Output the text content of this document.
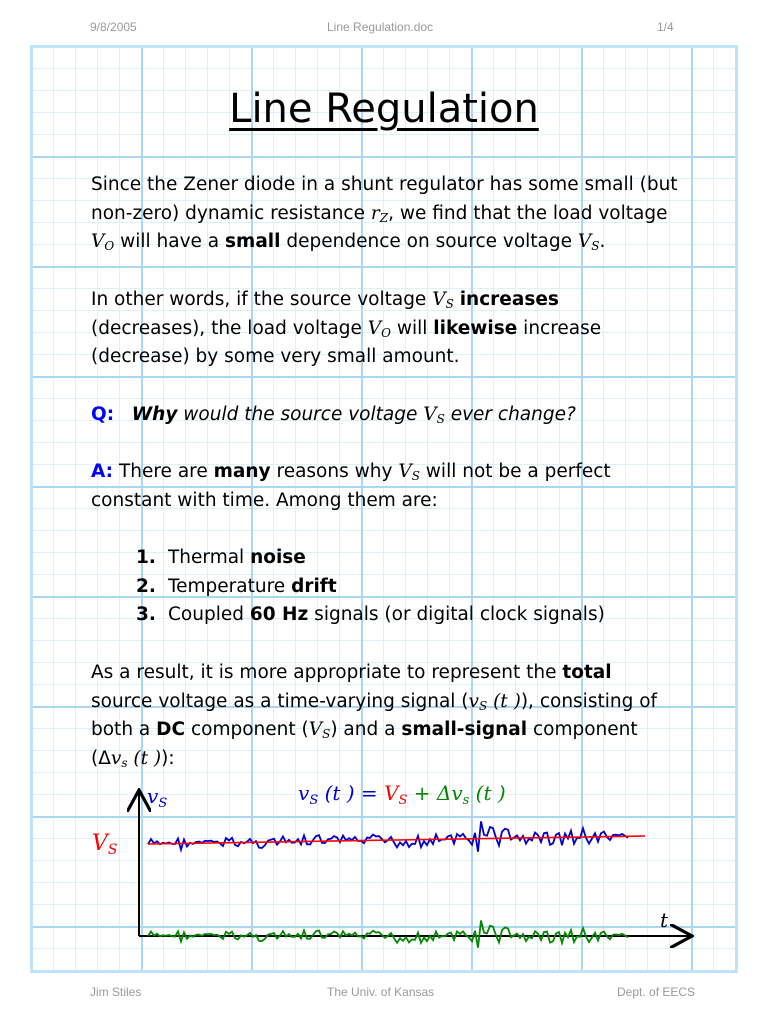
9/8/2005	Line Regulation.doc	1/4
Line Regulation
Since the Zener diode in a shunt regulator has some small (but
non-zero) dynamic resistance $r_Z$, we find that the load voltage
$V_O$ will have a small dependence on source voltage $V_S$.
In other words, if the source voltage $V_S$ increases
(decreases), the load voltage $V_O$ will likewise increase
(decrease) by some very small amount.
Q: Why would the source voltage $V_S$ ever change?
A: There are many reasons why $V_S$ will not be a perfect
constant with time. Among them are:
1. Thermal noise
2. Temperature drift
3. Coupled 60 Hz signals (or digital clock signals)
As a result, it is more appropriate to represent the total
source voltage as a time-varying signal ($v_S$ (t )), consisting of
both a DC component $(V_S)$ and a small-signal component
($\Delta v_s$ (t )):
$v_S$
t
VS
$v_S$ (t ) = $V_S + \Delta v_s$ (t )
Jim Stiles	The Univ. of Kansas	Dept. of EECS
